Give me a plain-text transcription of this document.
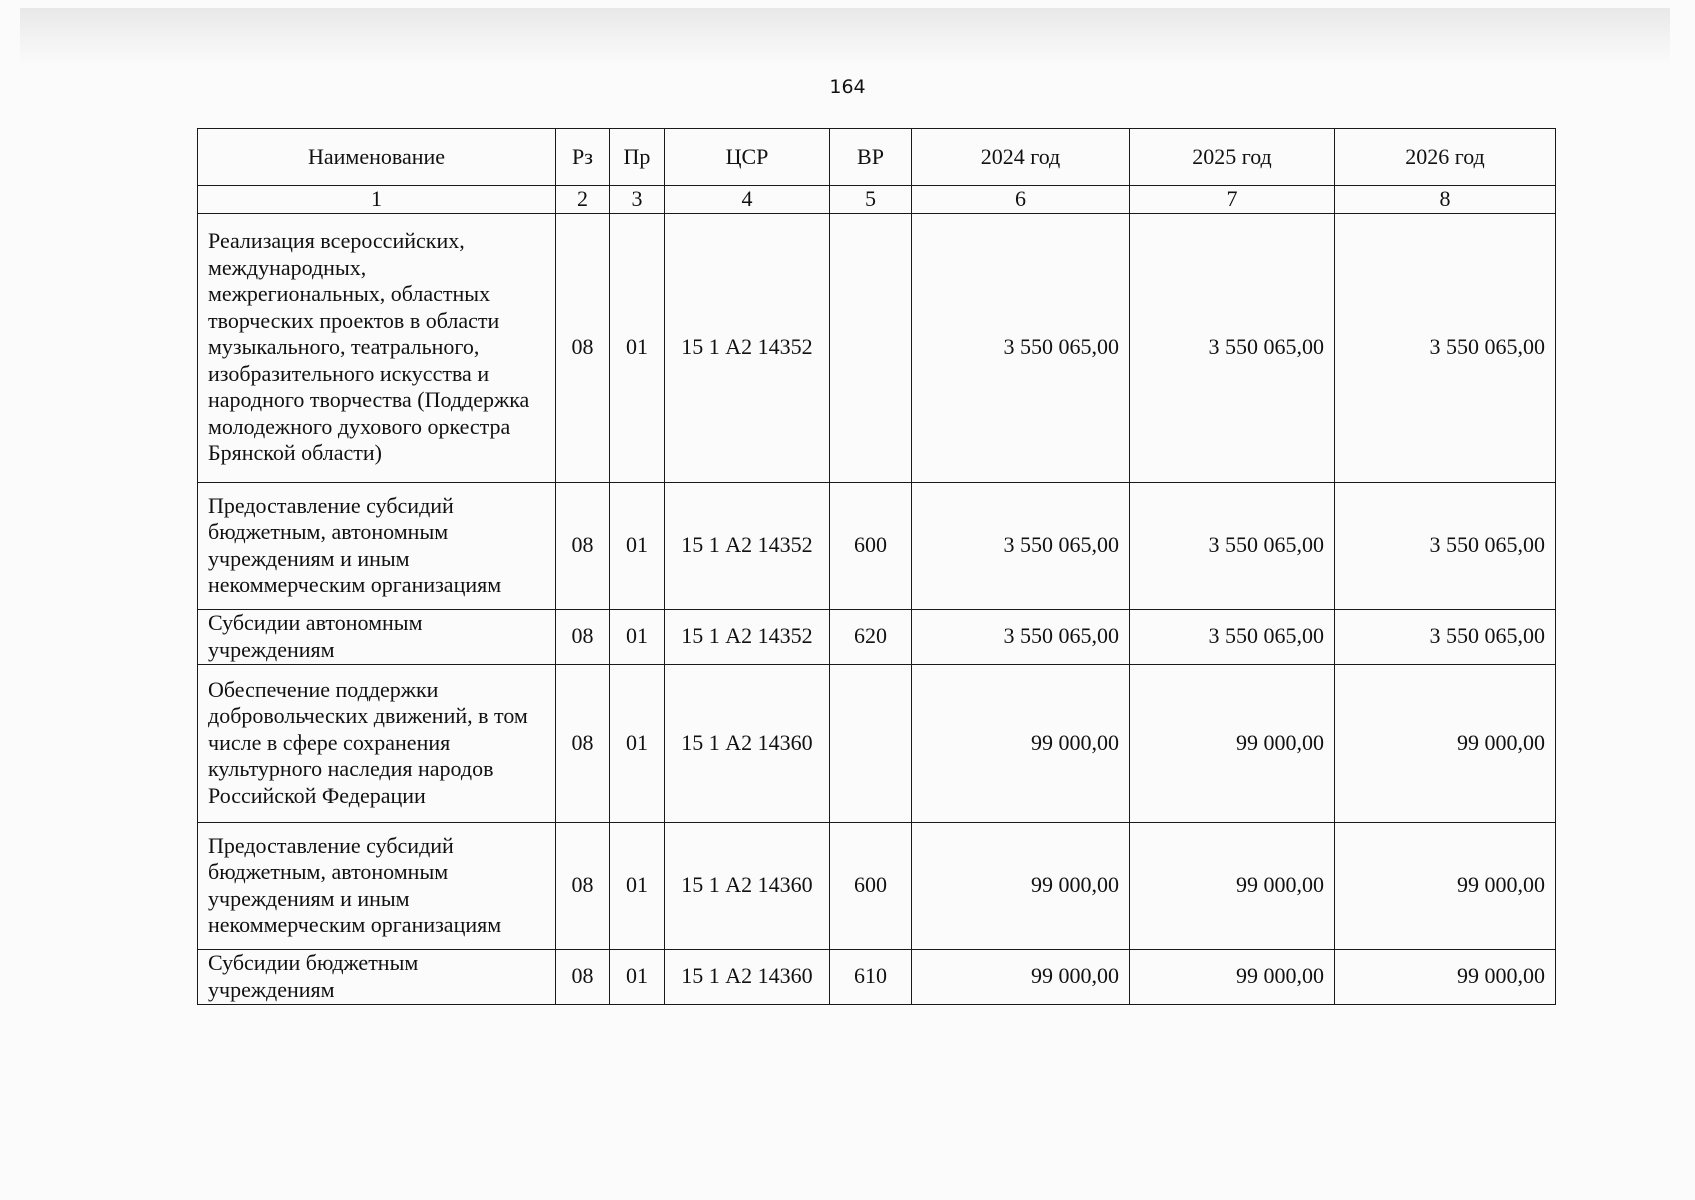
164
Наименование	Рз	Пр	ЦСР	ВР	2024 год	2025 год	2026 год
1	2	3	4	5	6	7	8
Реализация всероссийских, международных, межрегиональных, областных творческих проектов в области музыкального, театрального, изобразительного искусства и народного творчества (Поддержка молодежного духового оркестра Брянской области)	08	01	15 1 А2 14352		3 550 065,00	3 550 065,00	3 550 065,00
Предоставление субсидий бюджетным, автономным учреждениям и иным некоммерческим организациям	08	01	15 1 А2 14352	600	3 550 065,00	3 550 065,00	3 550 065,00
Субсидии автономным учреждениям	08	01	15 1 А2 14352	620	3 550 065,00	3 550 065,00	3 550 065,00
Обеспечение поддержки добровольческих движений, в том числе в сфере сохранения культурного наследия народов Российской Федерации	08	01	15 1 А2 14360		99 000,00	99 000,00	99 000,00
Предоставление субсидий бюджетным, автономным учреждениям и иным некоммерческим организациям	08	01	15 1 А2 14360	600	99 000,00	99 000,00	99 000,00
Субсидии бюджетным учреждениям	08	01	15 1 А2 14360	610	99 000,00	99 000,00	99 000,00
